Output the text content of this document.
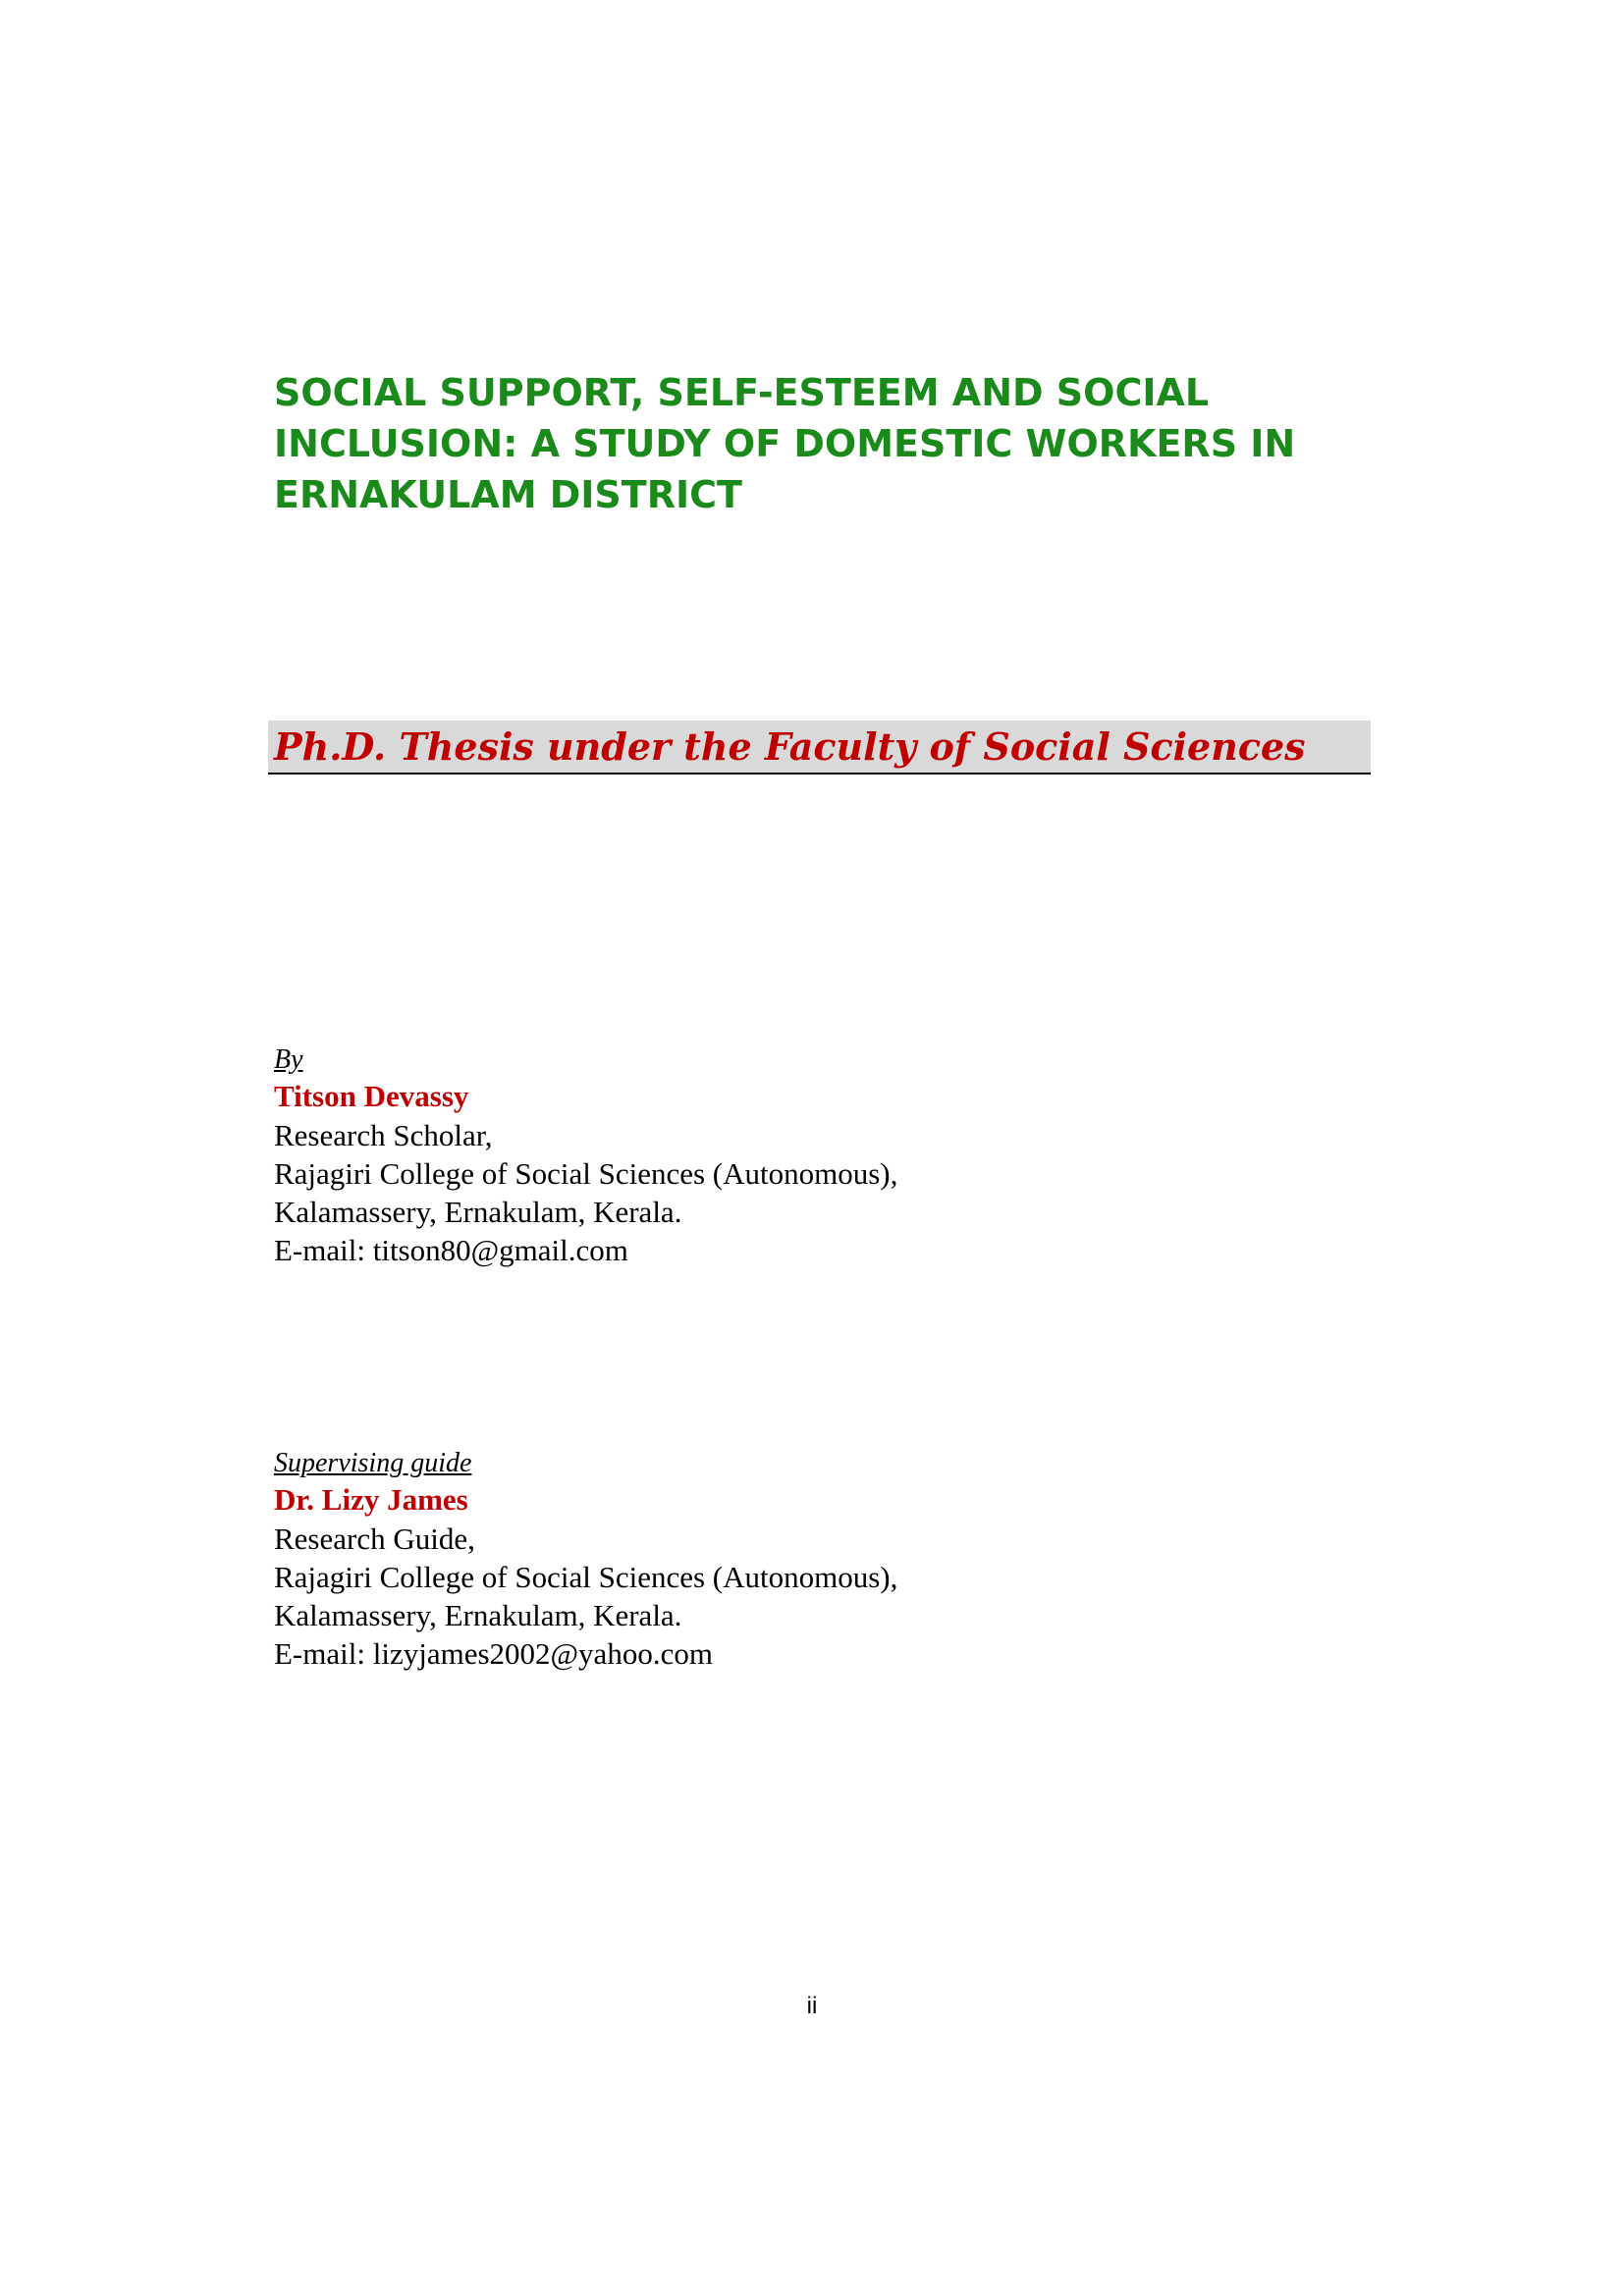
SOCIAL SUPPORT, SELF-ESTEEM AND SOCIAL
INCLUSION: A STUDY OF DOMESTIC WORKERS IN
ERNAKULAM DISTRICT
Ph.D. Thesis under the Faculty of Social Sciences
By
Titson Devassy
Research Scholar,
Rajagiri College of Social Sciences (Autonomous),
Kalamassery, Ernakulam, Kerala.
E-mail: titson80@gmail.com
Supervising guide
Dr. Lizy James
Research Guide,
Rajagiri College of Social Sciences (Autonomous),
Kalamassery, Ernakulam, Kerala.
E-mail: lizyjames2002@yahoo.com
ii
